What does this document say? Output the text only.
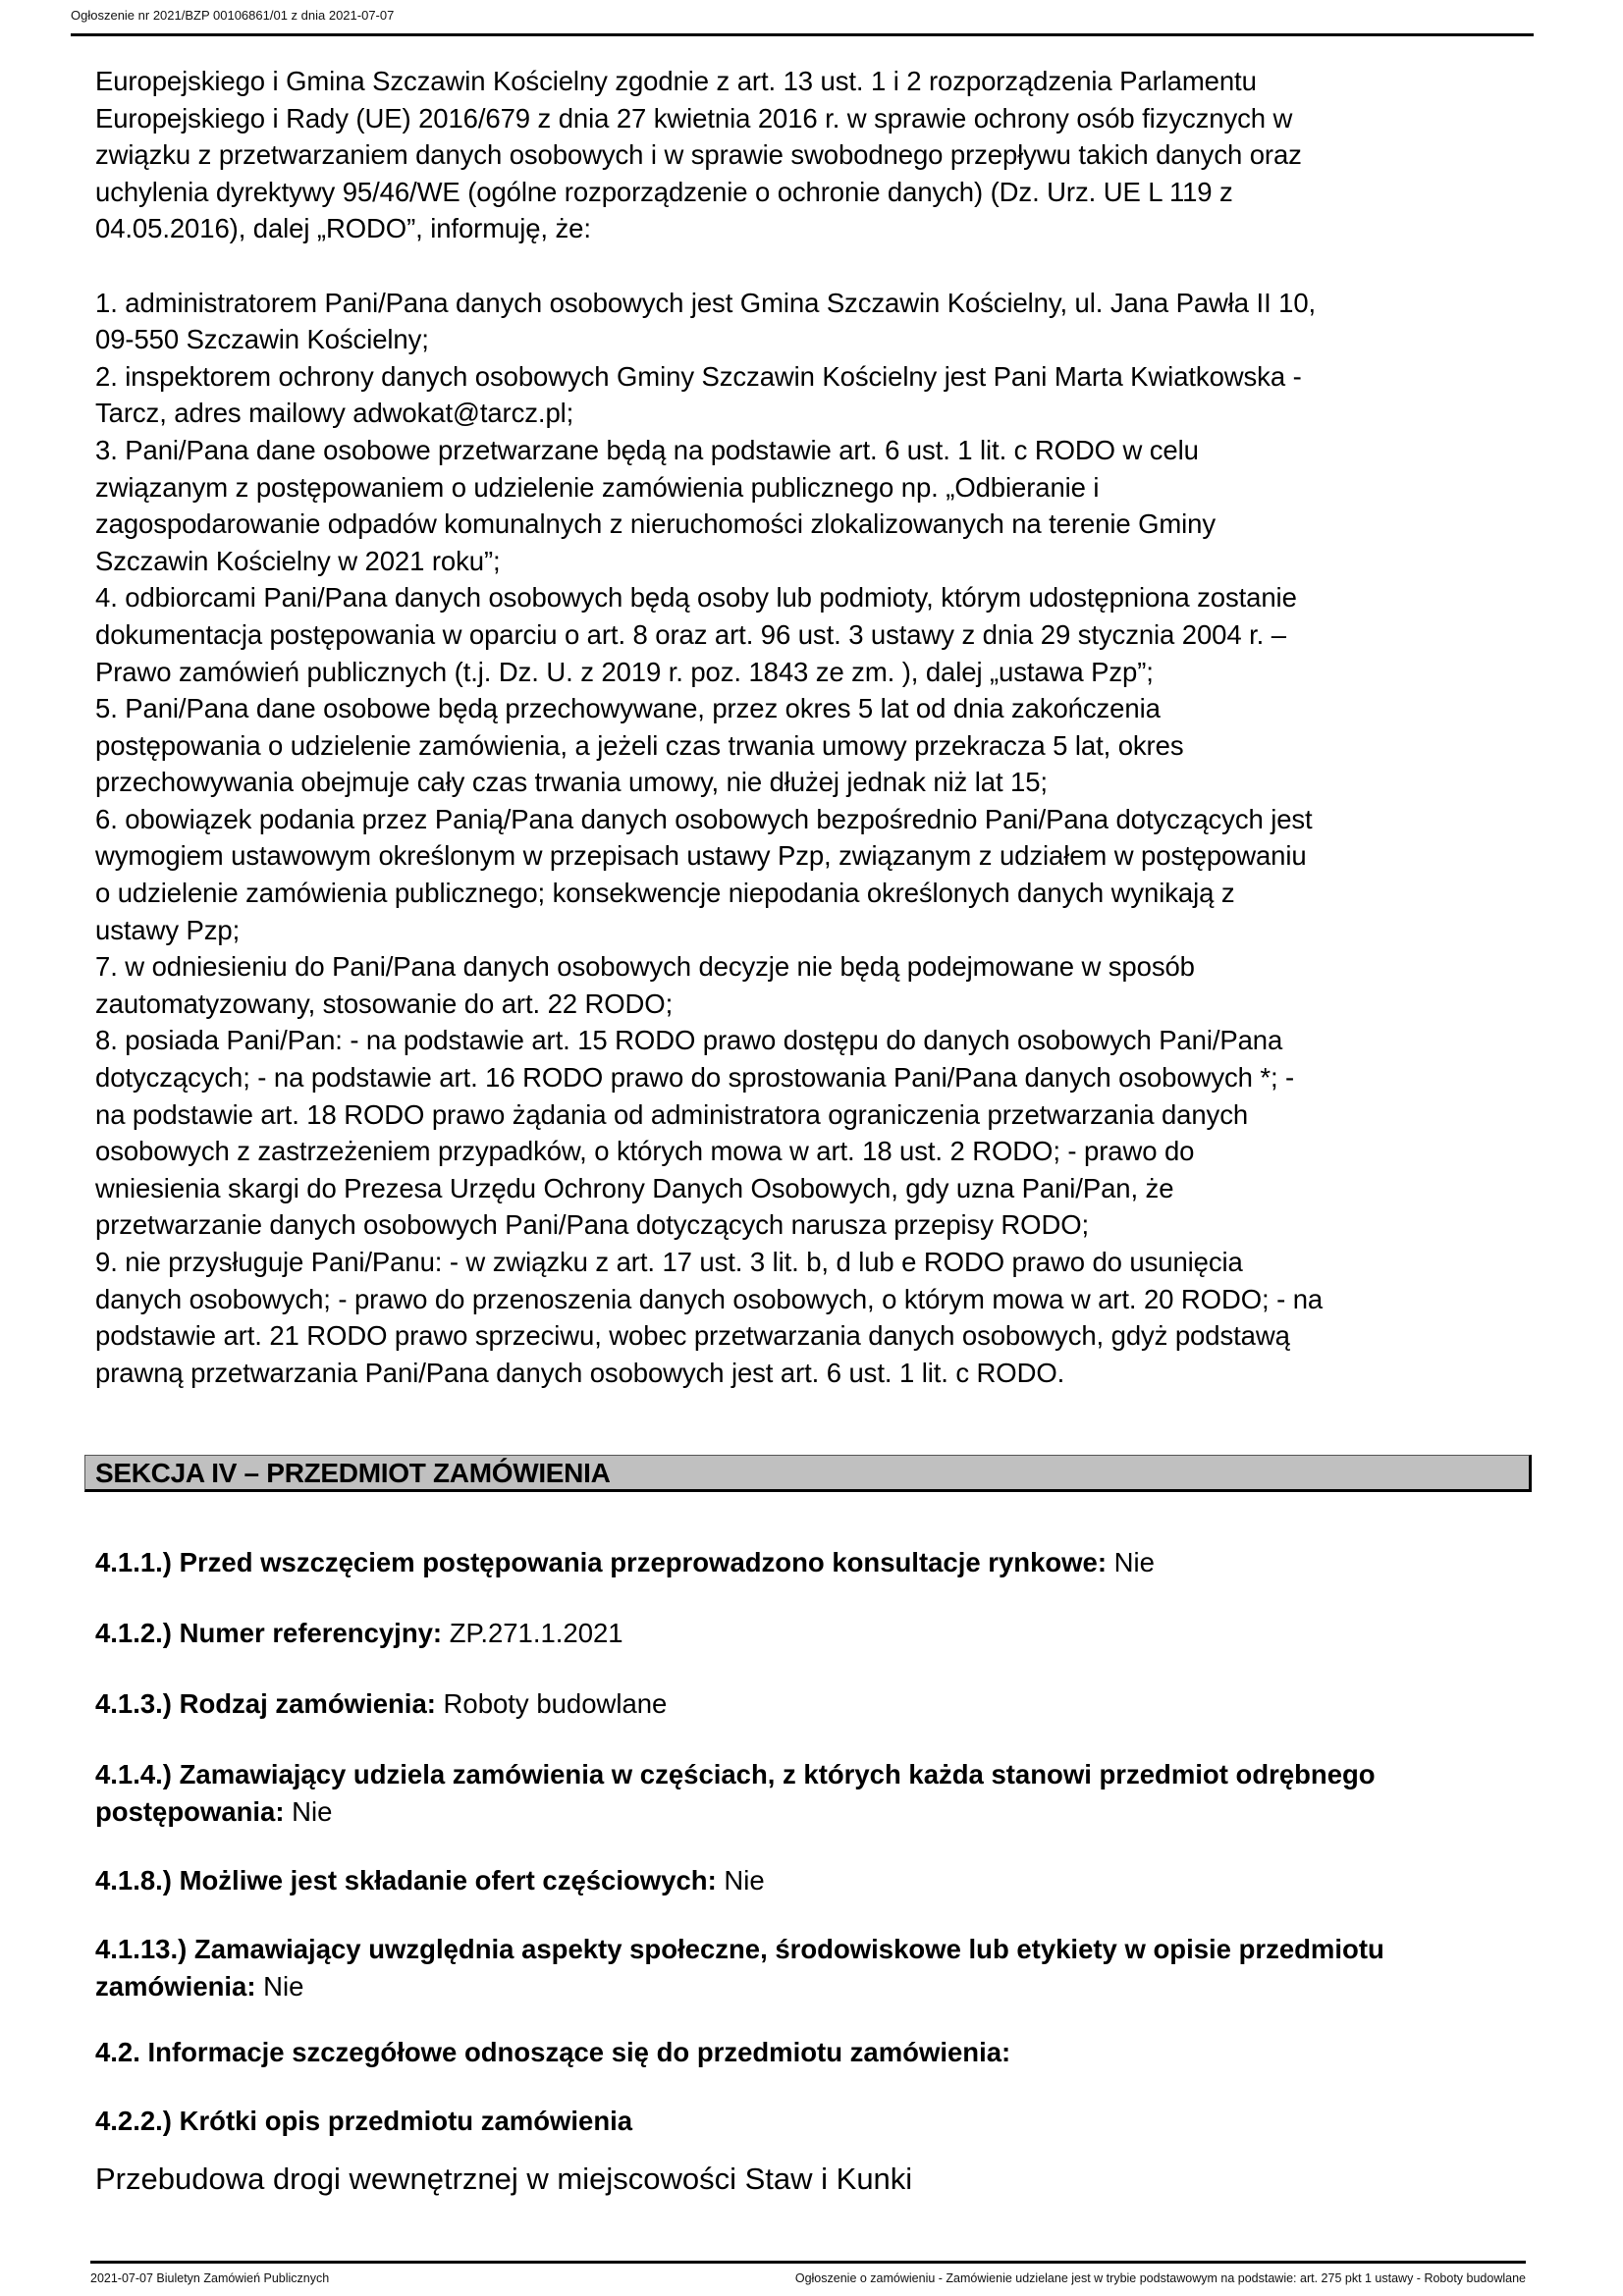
Ogłoszenie nr 2021/BZP 00106861/01 z dnia 2021-07-07

Europejskiego i Gmina Szczawin Kościelny zgodnie z art. 13 ust. 1 i 2 rozporządzenia Parlamentu

Europejskiego i Rady (UE) 2016/679 z dnia 27 kwietnia 2016 r. w sprawie ochrony osób fizycznych w

związku z przetwarzaniem danych osobowych i w sprawie swobodnego przepływu takich danych oraz

uchylenia dyrektywy 95/46/WE (ogólne rozporządzenie o ochronie danych) (Dz. Urz. UE L 119 z

04.05.2016), dalej „RODO”, informuję, że:

1. administratorem Pani/Pana danych osobowych jest Gmina Szczawin Kościelny, ul. Jana Pawła II 10,

09-550 Szczawin Kościelny;

2. inspektorem ochrony danych osobowych Gminy Szczawin Kościelny jest Pani Marta Kwiatkowska -

Tarcz, adres mailowy adwokat@tarcz.pl;

3. Pani/Pana dane osobowe przetwarzane będą na podstawie art. 6 ust. 1 lit. c RODO w celu

związanym z postępowaniem o udzielenie zamówienia publicznego np. „Odbieranie i

zagospodarowanie odpadów komunalnych z nieruchomości zlokalizowanych na terenie Gminy

Szczawin Kościelny w 2021 roku”;

4. odbiorcami Pani/Pana danych osobowych będą osoby lub podmioty, którym udostępniona zostanie

dokumentacja postępowania w oparciu o art. 8 oraz art. 96 ust. 3 ustawy z dnia 29 stycznia 2004 r. –

Prawo zamówień publicznych (t.j. Dz. U. z 2019 r. poz. 1843 ze zm. ), dalej „ustawa Pzp”;

5. Pani/Pana dane osobowe będą przechowywane, przez okres 5 lat od dnia zakończenia

postępowania o udzielenie zamówienia, a jeżeli czas trwania umowy przekracza 5 lat, okres

przechowywania obejmuje cały czas trwania umowy, nie dłużej jednak niż lat 15;

6. obowiązek podania przez Panią/Pana danych osobowych bezpośrednio Pani/Pana dotyczących jest

wymogiem ustawowym określonym w przepisach ustawy Pzp, związanym z udziałem w postępowaniu

o udzielenie zamówienia publicznego; konsekwencje niepodania określonych danych wynikają z

ustawy Pzp;

7. w odniesieniu do Pani/Pana danych osobowych decyzje nie będą podejmowane w sposób

zautomatyzowany, stosowanie do art. 22 RODO;

8. posiada Pani/Pan: - na podstawie art. 15 RODO prawo dostępu do danych osobowych Pani/Pana

dotyczących; - na podstawie art. 16 RODO prawo do sprostowania Pani/Pana danych osobowych *; -

na podstawie art. 18 RODO prawo żądania od administratora ograniczenia przetwarzania danych

osobowych z zastrzeżeniem przypadków, o których mowa w art. 18 ust. 2 RODO; - prawo do

wniesienia skargi do Prezesa Urzędu Ochrony Danych Osobowych, gdy uzna Pani/Pan, że

przetwarzanie danych osobowych Pani/Pana dotyczących narusza przepisy RODO;

9. nie przysługuje Pani/Panu: - w związku z art. 17 ust. 3 lit. b, d lub e RODO prawo do usunięcia

danych osobowych; - prawo do przenoszenia danych osobowych, o którym mowa w art. 20 RODO; - na

podstawie art. 21 RODO prawo sprzeciwu, wobec przetwarzania danych osobowych, gdyż podstawą

prawną przetwarzania Pani/Pana danych osobowych jest art. 6 ust. 1 lit. c RODO.

SEKCJA IV – PRZEDMIOT ZAMÓWIENIA
4.1.1.) Przed wszczęciem postępowania przeprowadzono konsultacje rynkowe: Nie
4.1.2.) Numer referencyjny: ZP.271.1.2021
4.1.3.) Rodzaj zamówienia: Roboty budowlane
4.1.4.) Zamawiający udziela zamówienia w częściach, z których każda stanowi przedmiot odrębnego postępowania: Nie
4.1.8.) Możliwe jest składanie ofert częściowych: Nie
4.1.13.) Zamawiający uwzględnia aspekty społeczne, środowiskowe lub etykiety w opisie przedmiotu zamówienia: Nie
4.2. Informacje szczegółowe odnoszące się do przedmiotu zamówienia:
4.2.2.) Krótki opis przedmiotu zamówienia
Przebudowa drogi wewnętrznej w miejscowości Staw i Kunki
2021-07-07 Biuletyn Zamówień Publicznych	Ogłoszenie o zamówieniu - Zamówienie udzielane jest w trybie podstawowym na podstawie: art. 275 pkt 1 ustawy - Roboty budowlane
